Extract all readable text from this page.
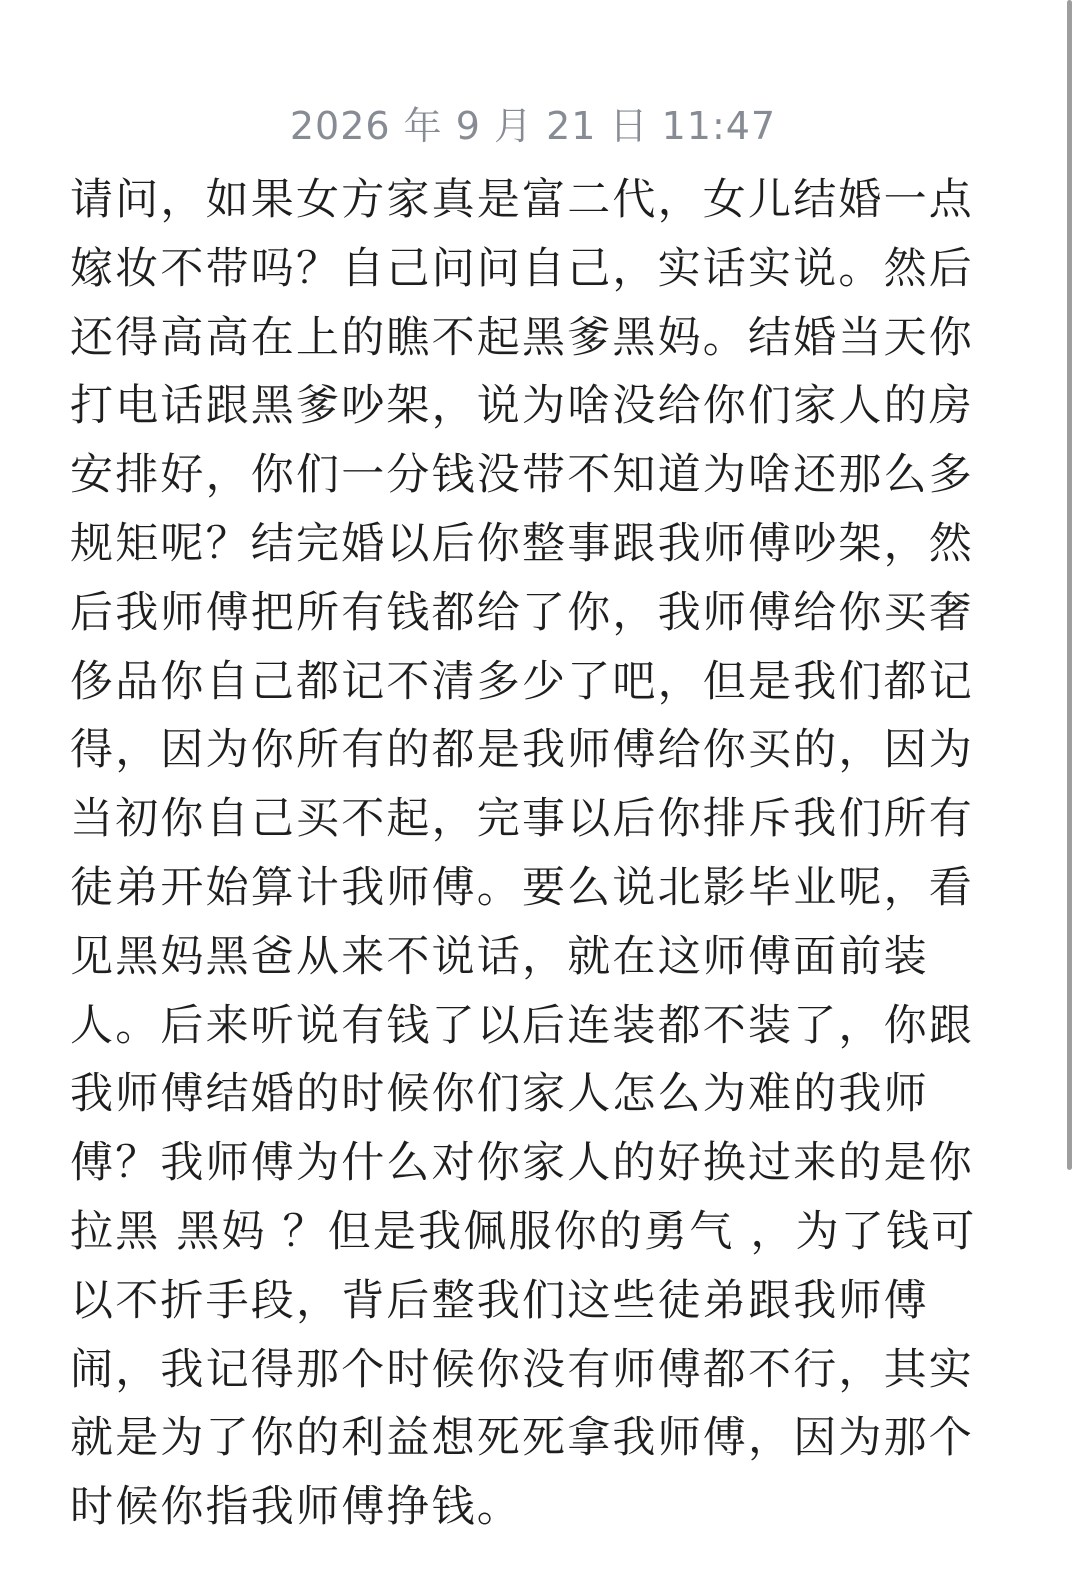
2026 年 9 月 21 日 11:47
请问，如果女方家真是富二代，女儿结婚一点
嫁妆不带吗？自己问问自己，实话实说。然后
还得高高在上的瞧不起黑爹黑妈。结婚当天你
打电话跟黑爹吵架，说为啥没给你们家人的房
安排好，你们一分钱没带不知道为啥还那么多
规矩呢？结完婚以后你整事跟我师傅吵架，然
后我师傅把所有钱都给了你，我师傅给你买奢
侈品你自己都记不清多少了吧，但是我们都记
得，因为你所有的都是我师傅给你买的，因为
当初你自己买不起，完事以后你排斥我们所有
徒弟开始算计我师傅。要么说北影毕业呢，看
见黑妈黑爸从来不说话，就在这师傅面前装
人。后来听说有钱了以后连装都不装了，你跟
我师傅结婚的时候你们家人怎么为难的我师
傅？我师傅为什么对你家人的好换过来的是你
拉黑 黑妈 ？但是我佩服你的勇气 ，为了钱可
以不折手段，背后整我们这些徒弟跟我师傅
闹，我记得那个时候你没有师傅都不行，其实
就是为了你的利益想死死拿我师傅，因为那个
时候你指我师傅挣钱。
